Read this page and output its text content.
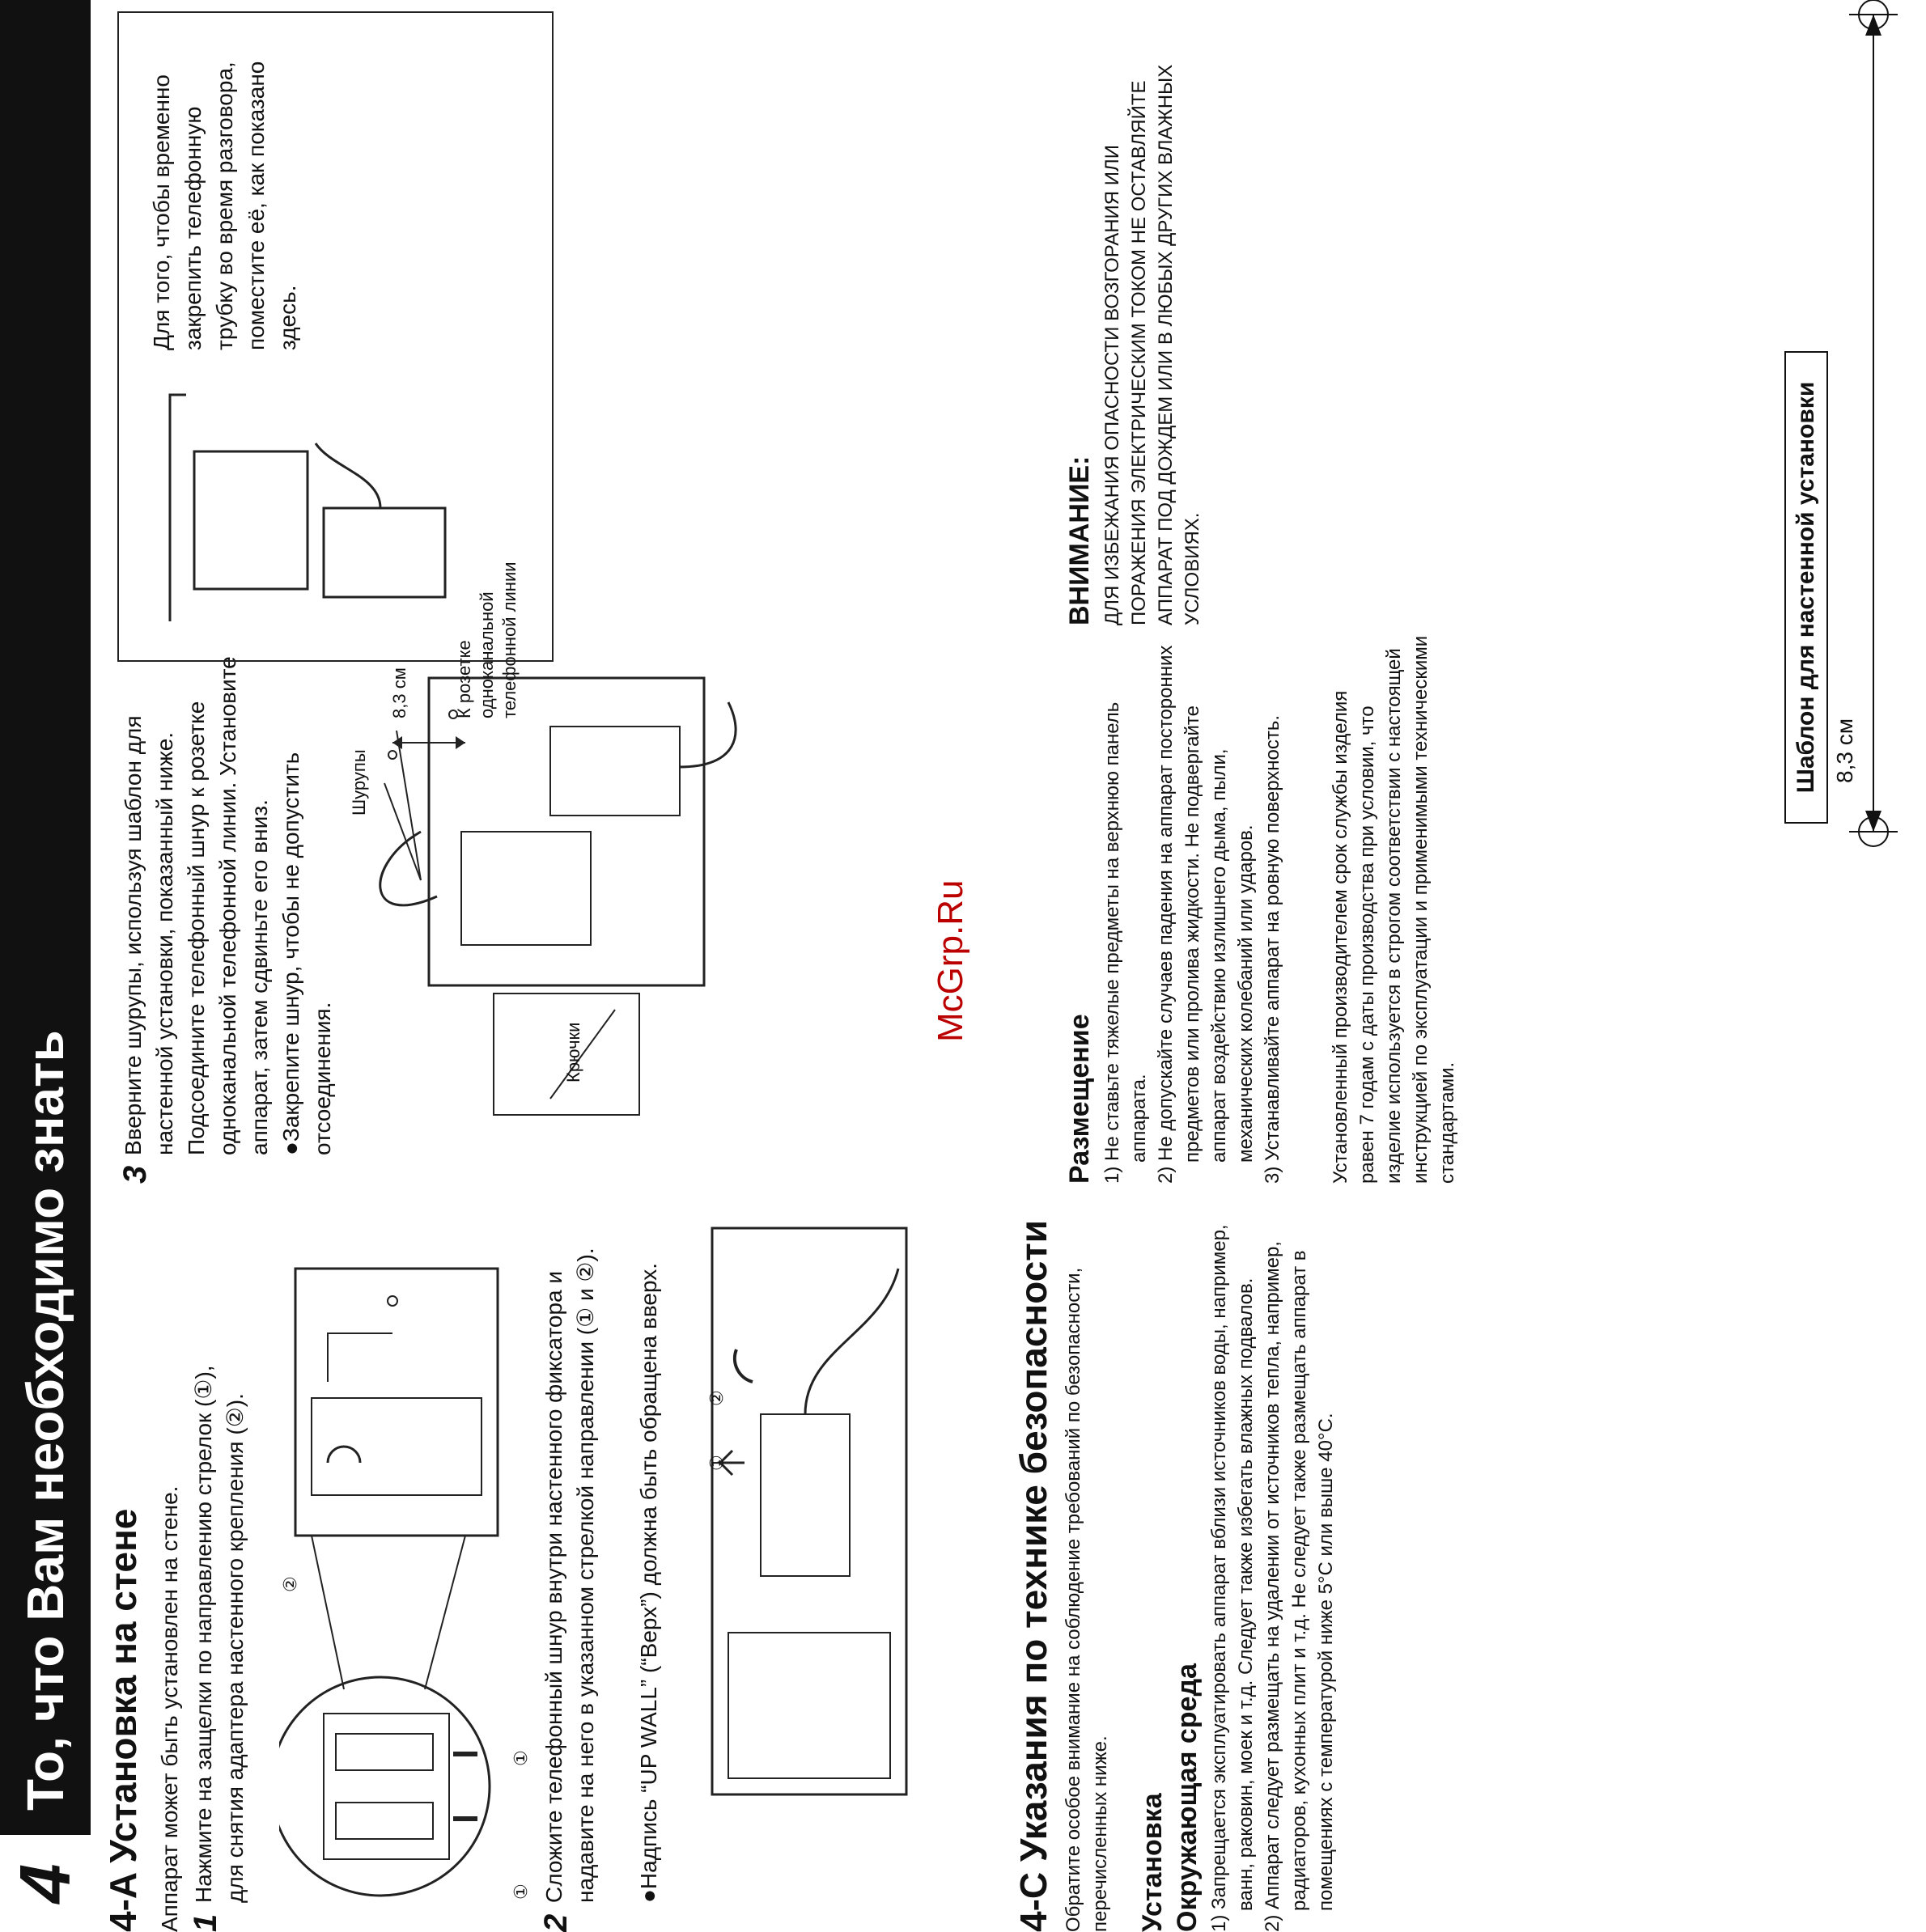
4
То, что Вам необходимо знать 4-A Установка на стене Аппарат может быть установлен на стене. 1
Нажмите на защелки по направлению стрелок (①), для снятия адаптера настенного крепления (②). ②
①
①
2
Сложите телефонный шнур внутри настенного фиксатора и надавите на него в указанном стрелкой направлении (① и ②). ●Надпись “UP WALL” (“Верх”) должна быть обращена вверх.	②
①
3
Вверните шурупы, используя шаблон для настенной установки, показанный ниже. Подсоедините телефонный шнур к розетке одноканальной телефонной линии. Установите аппарат, затем сдвиньте его вниз. ●Закрепите шнур, чтобы не допустить отсоединения.
Шурупы
Крючки
8,3 см	К розетке одноканальной телефонной линии
Для того, чтобы временно закрепить телефонную трубку во время разговора, поместите её, как показано здесь.
4-C Указания по технике безопасности Обратите особое внимание на соблюдение требований по безопасности, перечисленных ниже. Установка Окружающая среда 1) Запрещается эксплуатировать аппарат вблизи источников воды, например, ванн, раковин, моек и т.д. Следует также избегать влажных подвалов. 2) Аппарат следует размещать на удалении от источников тепла, например, радиаторов, кухонных плит и т.д. Не следует также размещать аппарат в помещениях с температурой ниже 5°С или выше 40°С.
Размещение 1) Не ставьте тяжелые предметы на верхнюю панель аппарата. 2) Не допускайте случаев падения на аппарат посторонних предметов или пролива жидкости. Не подвергайте аппарат воздействию излишнего дыма, пыли, механических колебаний или ударов. 3) Устанавливайте аппарат на ровную поверхность. Установленный производителем срок службы изделия равен 7 годам с даты производства при условии, что изделие используется в строгом соответствии с настоящей инструкцией по эксплуатации и применимыми техническими стандартами.
ВНИМАНИЕ: ДЛЯ ИЗБЕЖАНИЯ ОПАСНОСТИ ВОЗГОРАНИЯ ИЛИ ПОРАЖЕНИЯ ЭЛЕКТРИЧЕСКИМ ТОКОМ НЕ ОСТАВЛЯЙТЕ АППАРАТ ПОД ДОЖДЕМ ИЛИ В ЛЮБЫХ ДРУГИХ ВЛАЖНЫХ УСЛОВИЯХ.	Шаблон для настенной установки 8,3 см
McGrp.Ru
